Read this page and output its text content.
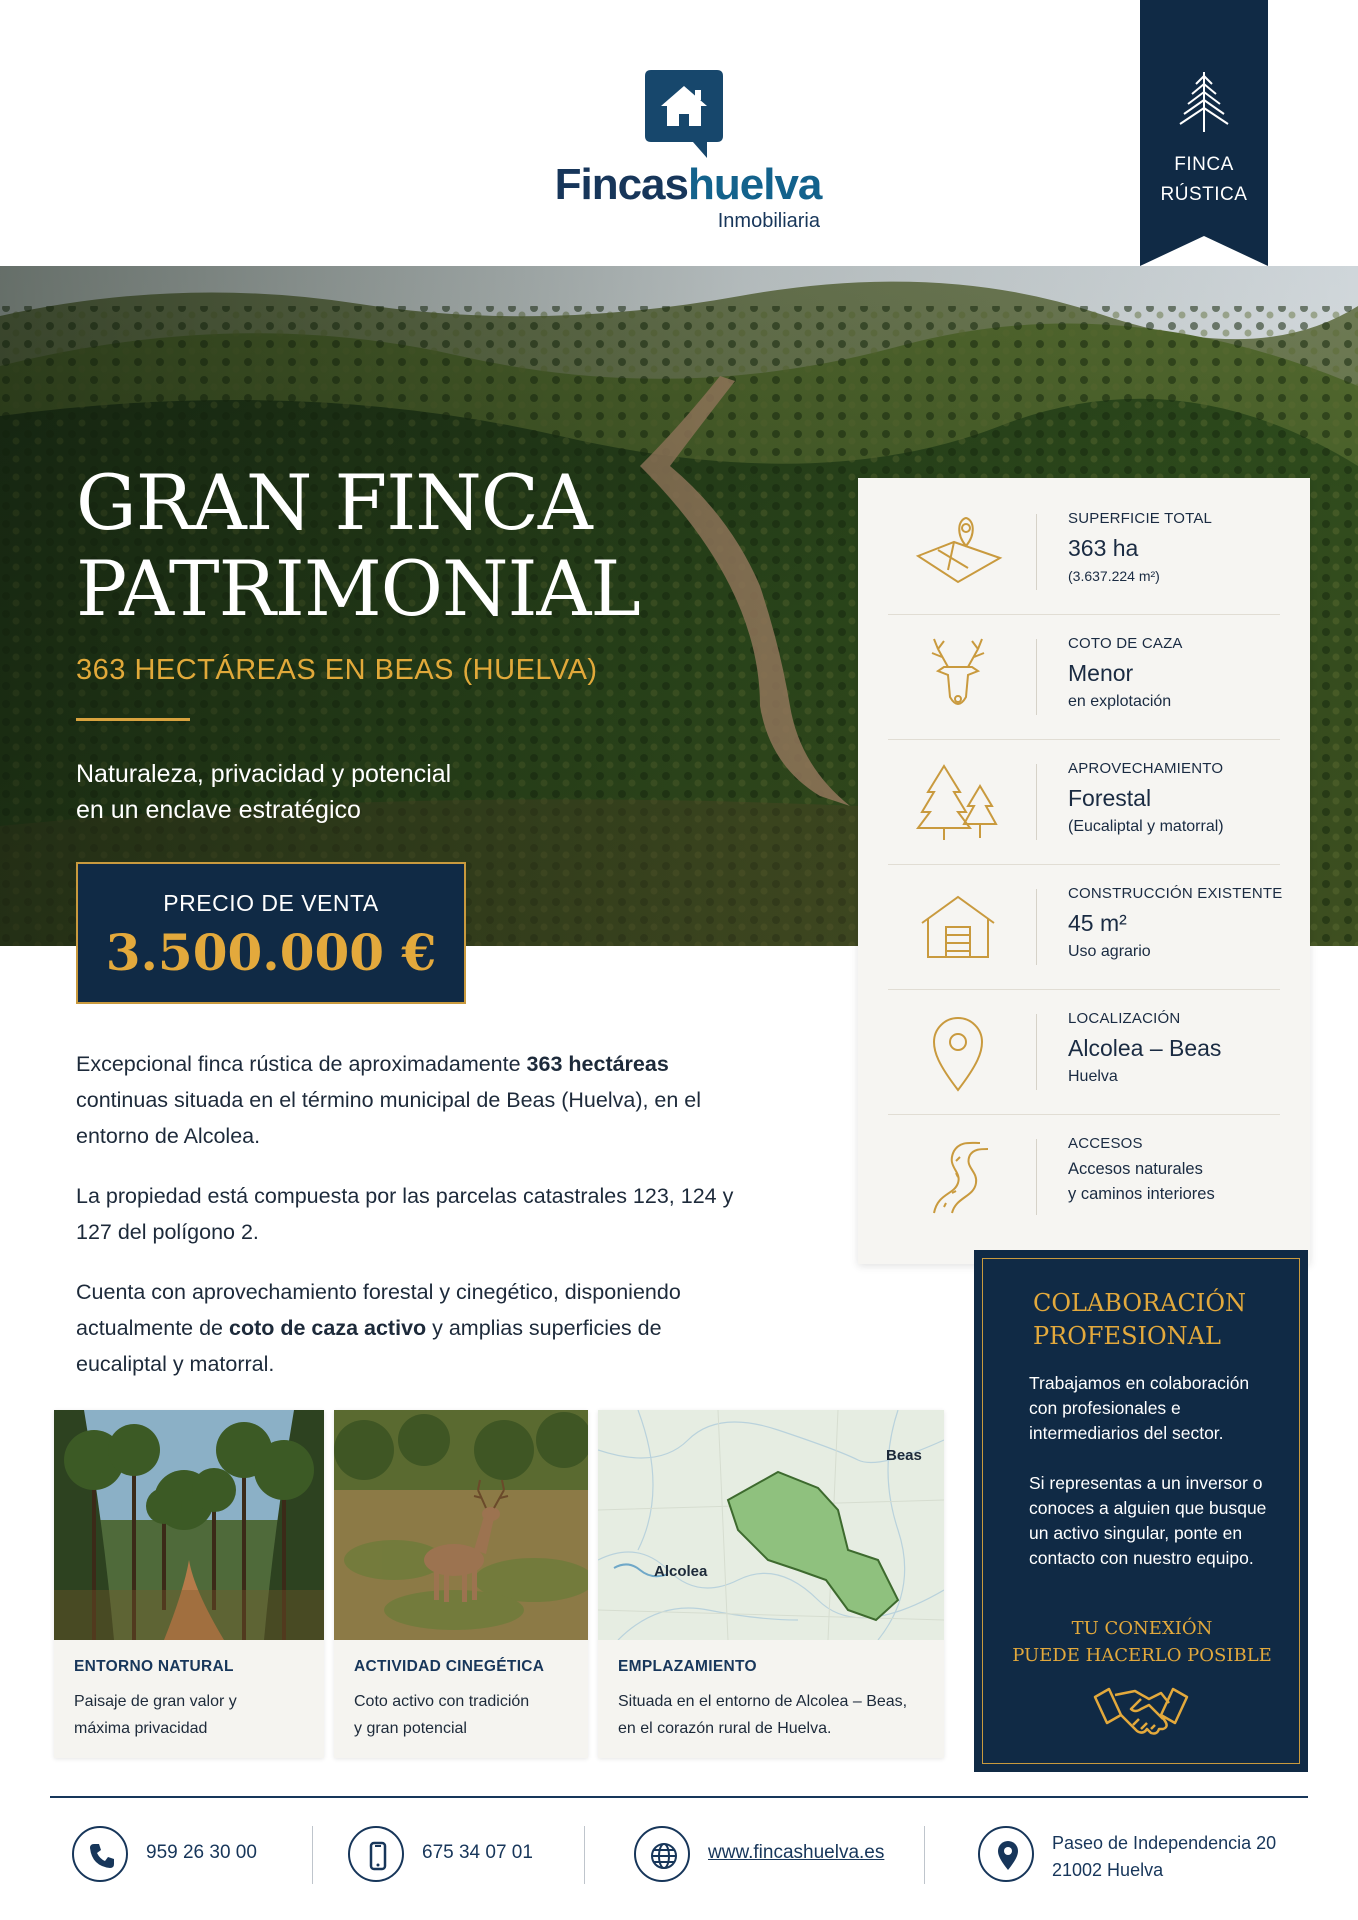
Fincashuelva
Inmobiliaria
FINCA
RÚSTICA
GRAN FINCA
PATRIMONIAL
363 HECTÁREAS EN BEAS (HUELVA)
Naturaleza, privacidad y potencial
en un enclave estratégico
PRECIO DE VENTA
3.500.000 €
SUPERFICIE TOTAL
363 ha
(3.637.224 m²)
COTO DE CAZA
Menor
en explotación
APROVECHAMIENTO
Forestal
(Eucaliptal y matorral)
CONSTRUCCIÓN EXISTENTE
45 m²
Uso agrario
LOCALIZACIÓN
Alcolea – Beas
Huelva
ACCESOS
Accesos naturales
y caminos interiores

Excepcional finca rústica de aproximadamente 363 hectáreas continuas situada en el término municipal de Beas (Huelva), en el entorno de Alcolea.

La propiedad está compuesta por las parcelas catastrales 123, 124 y 127 del polígono 2.

Cuenta con aprovechamiento forestal y cinegético, disponiendo actualmente de coto de caza activo y amplias superficies de eucaliptal y matorral.

ENTORNO NATURAL
Paisaje de gran valor y
máxima privacidad
ACTIVIDAD CINEGÉTICA
Coto activo con tradición
y gran potencial
Beas
Alcolea
EMPLAZAMIENTO
Situada en el entorno de Alcolea – Beas,
en el corazón rural de Huelva.
COLABORACIÓN
PROFESIONAL
Trabajamos en colaboración con profesionales e intermediarios del sector.
Si representas a un inversor o conoces a alguien que busque un activo singular, ponte en contacto con nuestro equipo.
TU CONEXIÓN
PUEDE HACERLO POSIBLE
959 26 30 00	675 34 07 01	www.fincashuelva.es	Paseo de Independencia 20
21002 Huelva
